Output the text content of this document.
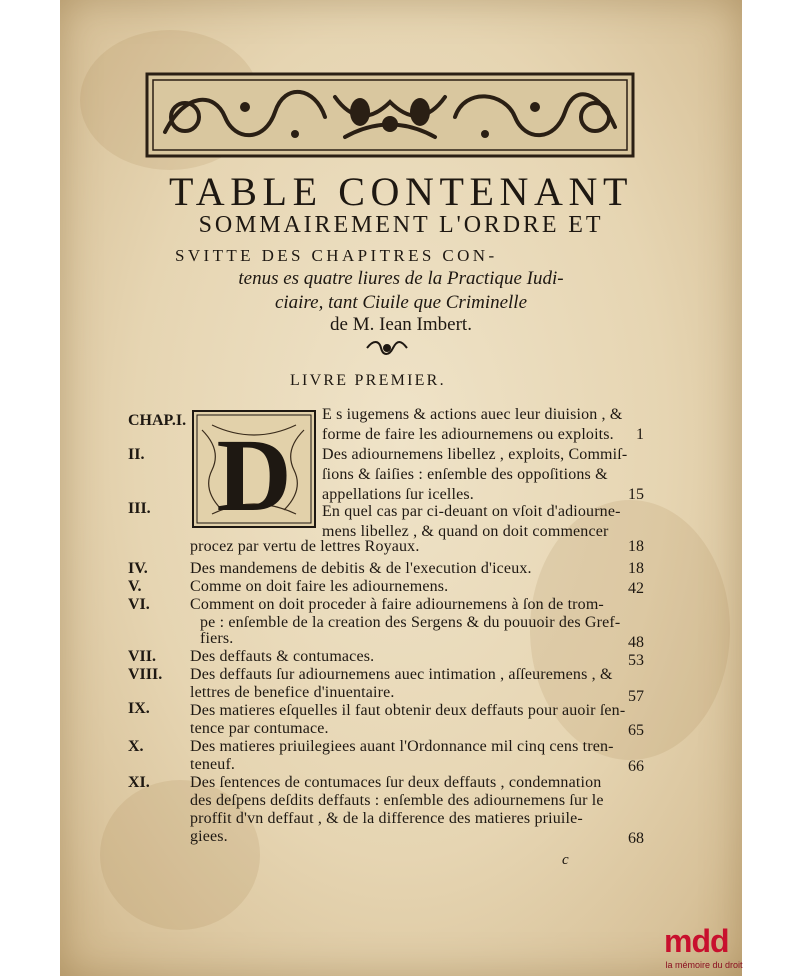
TABLE CONTENANT
SOMMAIREMENT L'ORDRE ET
SVITTE DES CHAPITRES CON-
tenus es quatre liures de la Practique Iudi-
ciaire, tant Ciuile que Criminelle
de M. Iean Imbert.
LIVRE PREMIER.
D
CHAP.I.	E s iugemens & actions auec leur diuision , &
forme de faire les adiournemens ou exploits.	1
II.	Des adiournemens libellez , exploits, Commiſ-
ſions & ſaiſies : enſemble des oppoſitions &
appellations ſur icelles.	15
III.	En quel cas par ci-deuant on vſoit d'adiourne-
mens libellez , & quand on doit commencer
procez par vertu de lettres Royaux.	18
IV.	Des mandemens de debitis & de l'execution d'iceux.	18
V.	Comme on doit faire les adiournemens.	42
VI.	Comment on doit proceder à faire adiournemens à ſon de trom-
pe : enſemble de la creation des Sergens & du pouuoir des Gref-
fiers.	48
VII. Des deffauts & contumaces.	53
VIII. Des deffauts ſur adiournemens auec intimation , aſſeuremens , &
lettres de benefice d'inuentaire.	57
IX.	Des matieres eſquelles il faut obtenir deux deffauts pour auoir ſen-
tence par contumace.	65
X.	Des matieres priuilegiees auant l'Ordonnance mil cinq cens tren-
teneuf.	66
XI.	Des ſentences de contumaces ſur deux deffauts , condemnation
des deſpens deſdits deffauts : enſemble des adiournemens ſur le
proffit d'vn deffaut , & de la difference des matieres priuile-
giees.	68
c
mdd
la mémoire du droit
